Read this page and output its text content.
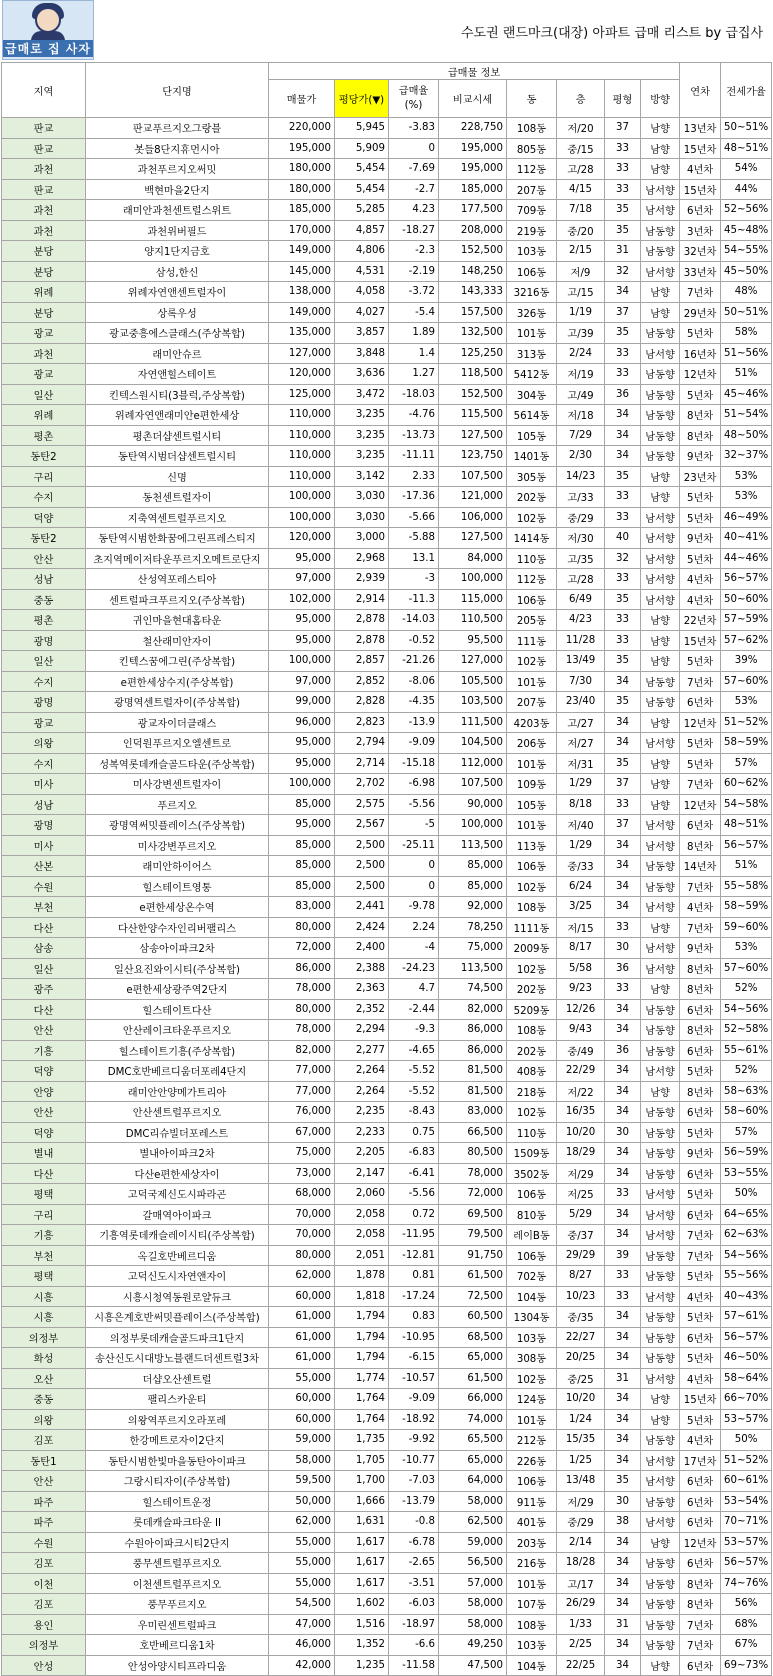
급매로 집 사자
수도권 랜드마크(대장) 아파트 급매 리스트 by 급집사
지역	단지명	급매물 정보								연차	전세가율
		매물가	평당가(▼)	급매율 (%)	비교시세	동	층	평형	방향		
판교	판교푸르지오그랑블	220,000	5,945	-3.83	228,750	108동	저/20	37	남향	13년차	50~51%
판교	봇들8단지휴먼시아	195,000	5,909	0	195,000	805동	중/15	33	남향	15년차	48~51%
과천	과천푸르지오써밋	180,000	5,454	-7.69	195,000	112동	고/28	33	남향	4년차	54%
판교	백현마을2단지	180,000	5,454	-2.7	185,000	207동	4/15	33	남서향	15년차	44%
과천	래미안과천센트럴스위트	185,000	5,285	4.23	177,500	709동	7/18	35	남서향	6년차	52~56%
과천	과천위버필드	170,000	4,857	-18.27	208,000	219동	중/20	35	남동향	3년차	45~48%
분당	양지1단지금호	149,000	4,806	-2.3	152,500	103동	2/15	31	남동향	32년차	54~55%
분당	삼성,한신	145,000	4,531	-2.19	148,250	106동	저/9	32	남서향	33년차	45~50%
위례	위례자연앤센트럴자이	138,000	4,058	-3.72	143,333	3216동	고/15	34	남향	7년차	48%
분당	상록우성	149,000	4,027	-5.4	157,500	326동	1/19	37	남향	29년차	50~51%
광교	광교중흥에스클래스(주상복합)	135,000	3,857	1.89	132,500	101동	고/39	35	남동향	5년차	58%
과천	래미안슈르	127,000	3,848	1.4	125,250	313동	2/24	33	남서향	16년차	51~56%
광교	자연앤힐스테이트	120,000	3,636	1.27	118,500	5412동	저/19	33	남동향	12년차	51%
일산	킨텍스원시티(3블럭,주상복합)	125,000	3,472	-18.03	152,500	304동	고/49	36	남동향	5년차	45~46%
위례	위례자연앤래미안e편한세상	110,000	3,235	-4.76	115,500	5614동	저/18	34	남동향	8년차	51~54%
평촌	평촌더샵센트럴시티	110,000	3,235	-13.73	127,500	105동	7/29	34	남동향	8년차	48~50%
동탄2	동탄역시범더샵센트럴시티	110,000	3,235	-11.11	123,750	1401동	2/30	34	남동향	9년차	32~37%
구리	신명	110,000	3,142	2.33	107,500	305동	14/23	35	남향	23년차	53%
수지	동천센트럴자이	100,000	3,030	-17.36	121,000	202동	고/33	33	남향	5년차	53%
덕양	지축역센트럴푸르지오	100,000	3,030	-5.66	106,000	102동	중/29	33	남서향	5년차	46~49%
동탄2	동탄역시범한화꿈에그린프레스티지	120,000	3,000	-5.88	127,500	1414동	저/30	40	남서향	9년차	40~41%
안산	초지역메이저타운푸르지오메트로단지	95,000	2,968	13.1	84,000	110동	고/35	32	남서향	5년차	44~46%
성남	산성역포레스티아	97,000	2,939	-3	100,000	112동	고/28	33	남서향	4년차	56~57%
중동	센트럴파크푸르지오(주상복합)	102,000	2,914	-11.3	115,000	106동	6/49	35	남서향	4년차	50~60%
평촌	귀인마을현대홈타운	95,000	2,878	-14.03	110,500	205동	4/23	33	남향	22년차	57~59%
광명	철산래미안자이	95,000	2,878	-0.52	95,500	111동	11/28	33	남향	15년차	57~62%
일산	킨텍스꿈에그린(주상복합)	100,000	2,857	-21.26	127,000	102동	13/49	35	남향	5년차	39%
수지	e편한세상수지(주상복합)	97,000	2,852	-8.06	105,500	101동	7/30	34	남동향	7년차	57~60%
광명	광명역센트럴자이(주상복합)	99,000	2,828	-4.35	103,500	207동	23/40	35	남동향	6년차	53%
광교	광교자이더클래스	96,000	2,823	-13.9	111,500	4203동	고/27	34	남향	12년차	51~52%
의왕	인덕원푸르지오엘센트로	95,000	2,794	-9.09	104,500	206동	저/27	34	남서향	5년차	58~59%
수지	성복역롯데캐슬골드타운(주상복합)	95,000	2,714	-15.18	112,000	101동	저/31	35	남향	5년차	57%
미사	미사강변센트럴자이	100,000	2,702	-6.98	107,500	109동	1/29	37	남향	7년차	60~62%
성남	푸르지오	85,000	2,575	-5.56	90,000	105동	8/18	33	남향	12년차	54~58%
광명	광명역써밋플레이스(주상복합)	95,000	2,567	-5	100,000	101동	저/40	37	남서향	6년차	48~51%
미사	미사강변푸르지오	85,000	2,500	-25.11	113,500	113동	1/29	34	남서향	8년차	56~57%
산본	래미안하이어스	85,000	2,500	0	85,000	106동	중/33	34	남동향	14년차	51%
수원	힐스테이트영통	85,000	2,500	0	85,000	102동	6/24	34	남동향	7년차	55~58%
부천	e편한세상온수역	83,000	2,441	-9.78	92,000	108동	3/25	34	남서향	4년차	58~59%
다산	다산한양수자인리버팰리스	80,000	2,424	2.24	78,250	1111동	저/15	33	남향	7년차	59~60%
삼송	삼송아이파크2차	72,000	2,400	-4	75,000	2009동	8/17	30	남서향	9년차	53%
일산	일산요진와이시티(주상복합)	86,000	2,388	-24.23	113,500	102동	5/58	36	남서향	8년차	57~60%
광주	e편한세상광주역2단지	78,000	2,363	4.7	74,500	202동	9/23	33	남향	8년차	52%
다산	힐스테이트다산	80,000	2,352	-2.44	82,000	5209동	12/26	34	남동향	6년차	54~56%
안산	안산레이크타운푸르지오	78,000	2,294	-9.3	86,000	108동	9/43	34	남동향	8년차	52~58%
기흥	힐스테이트기흥(주상복합)	82,000	2,277	-4.65	86,000	202동	중/49	36	남동향	6년차	55~61%
덕양	DMC호반베르디움더포레4단지	77,000	2,264	-5.52	81,500	408동	22/29	34	남서향	5년차	52%
안양	래미안안양메가트리아	77,000	2,264	-5.52	81,500	218동	저/22	34	남향	8년차	58~63%
안산	안산센트럴푸르지오	76,000	2,235	-8.43	83,000	102동	16/35	34	남동향	6년차	58~60%
덕양	DMC리슈빌더포레스트	67,000	2,233	0.75	66,500	110동	10/20	30	남동향	5년차	57%
별내	별내아이파크2차	75,000	2,205	-6.83	80,500	1509동	18/29	34	남동향	9년차	56~59%
다산	다산e편한세상자이	73,000	2,147	-6.41	78,000	3502동	저/29	34	남동향	6년차	53~55%
평택	고덕국제신도시파라곤	68,000	2,060	-5.56	72,000	106동	저/25	33	남서향	5년차	50%
구리	갈매역아이파크	70,000	2,058	0.72	69,500	810동	5/29	34	남서향	6년차	64~65%
기흥	기흥역롯데캐슬레이시티(주상복합)	70,000	2,058	-11.95	79,500	레이B동	중/37	34	남서향	7년차	62~63%
부천	옥길호반베르디움	80,000	2,051	-12.81	91,750	106동	29/29	39	남동향	7년차	54~56%
평택	고덕신도시자연앤자이	62,000	1,878	0.81	61,500	702동	8/27	33	남동향	5년차	55~56%
시흥	시흥시청역동원로얄듀크	60,000	1,818	-17.24	72,500	104동	10/23	33	남서향	4년차	40~43%
시흥	시흥은계호반써밋플레이스(주상복합)	61,000	1,794	0.83	60,500	1304동	중/35	34	남동향	5년차	57~61%
의정부	의정부롯데캐슬골드파크1단지	61,000	1,794	-10.95	68,500	103동	22/27	34	남동향	6년차	56~57%
화성	송산신도시대방노블랜드더센트럴3차	61,000	1,794	-6.15	65,000	308동	20/25	34	남동향	5년차	46~50%
오산	더샵오산센트럴	55,000	1,774	-10.57	61,500	102동	중/25	31	남서향	4년차	58~64%
중동	팰리스카운티	60,000	1,764	-9.09	66,000	124동	10/20	34	남향	15년차	66~70%
의왕	의왕역푸르지오라포레	60,000	1,764	-18.92	74,000	101동	1/24	34	남향	5년차	53~57%
김포	한강메트로자이2단지	59,000	1,735	-9.92	65,500	212동	15/35	34	남동향	4년차	50%
동탄1	동탄시범한빛마을동탄아이파크	58,000	1,705	-10.77	65,000	226동	1/25	34	남서향	17년차	51~52%
안산	그랑시티자이(주상복합)	59,500	1,700	-7.03	64,000	106동	13/48	35	남서향	6년차	60~61%
파주	힐스테이트운정	50,000	1,666	-13.79	58,000	911동	저/29	30	남동향	6년차	53~54%
파주	롯데캐슬파크타운 II	62,000	1,631	-0.8	62,500	401동	중/29	38	남서향	6년차	70~71%
수원	수원아이파크시티2단지	55,000	1,617	-6.78	59,000	203동	2/14	34	남향	12년차	53~57%
김포	풍무센트럴푸르지오	55,000	1,617	-2.65	56,500	216동	18/28	34	남동향	6년차	56~57%
이천	이천센트럴푸르지오	55,000	1,617	-3.51	57,000	101동	고/17	34	남동향	8년차	74~76%
김포	풍무푸르지오	54,500	1,602	-6.03	58,000	107동	26/29	34	남동향	8년차	56%
용인	우미린센트럴파크	47,000	1,516	-18.97	58,000	108동	1/33	31	남동향	7년차	68%
의정부	호반베르디움1차	46,000	1,352	-6.6	49,250	103동	2/25	34	남동향	7년차	67%
안성	안성아양시티프라디움	42,000	1,235	-11.58	47,500	104동	22/25	34	남향	6년차	69~73%
